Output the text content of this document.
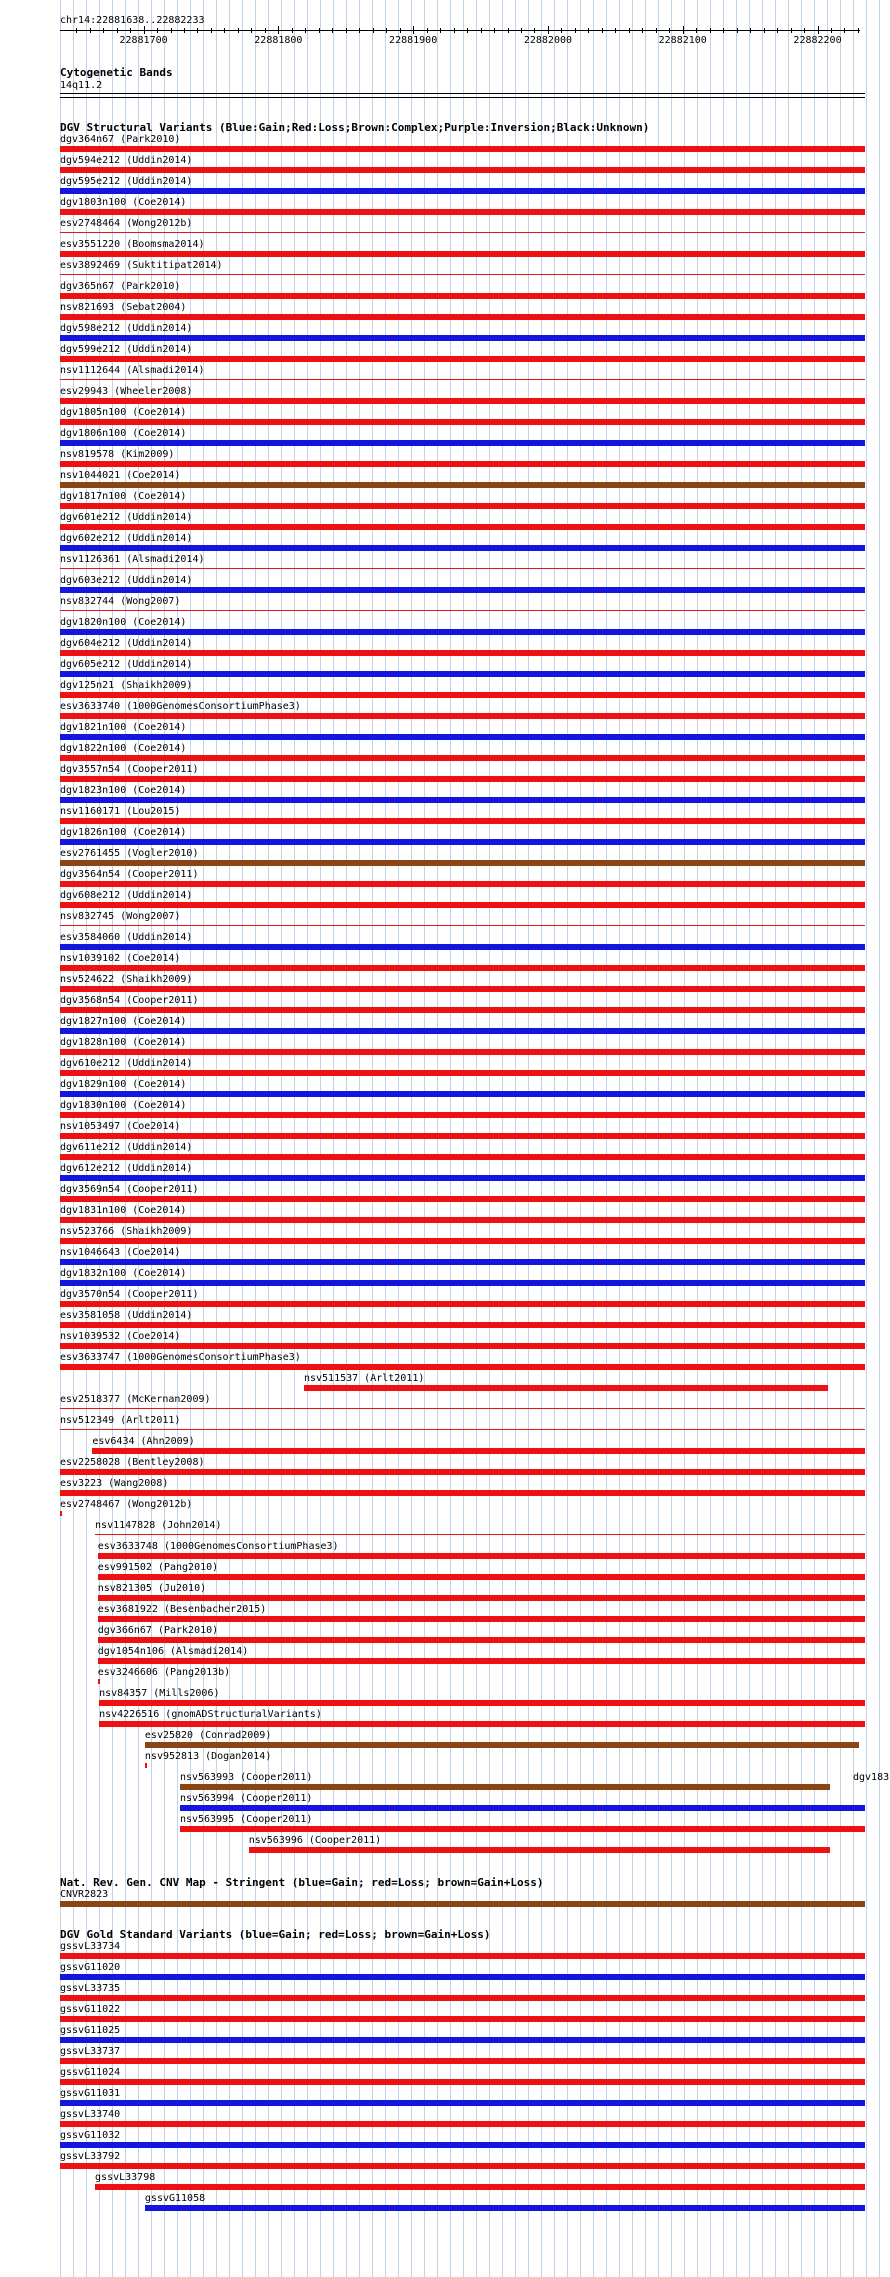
chr14:22881638..22882233
22881700	22881800	22881900	22882000	22882100	22882200
Cytogenetic Bands
14q11.2
DGV Structural Variants (Blue:Gain;Red:Loss;Brown:Complex;Purple:Inversion;Black:Unknown)
dgv364n67 (Park2010)
dgv594e212 (Uddin2014)
dgv595e212 (Uddin2014)
dgv1803n100 (Coe2014)
esv2748464 (Wong2012b)
esv3551220 (Boomsma2014)
esv3892469 (Suktitipat2014)
dgv365n67 (Park2010)
nsv821693 (Sebat2004)
dgv598e212 (Uddin2014)
dgv599e212 (Uddin2014)
nsv1112644 (Alsmadi2014)
esv29943 (Wheeler2008)
dgv1805n100 (Coe2014)
dgv1806n100 (Coe2014)
nsv819578 (Kim2009)
nsv1044021 (Coe2014)
dgv1817n100 (Coe2014)
dgv601e212 (Uddin2014)
dgv602e212 (Uddin2014)
nsv1126361 (Alsmadi2014)
dgv603e212 (Uddin2014)
nsv832744 (Wong2007)
dgv1820n100 (Coe2014)
dgv604e212 (Uddin2014)
dgv605e212 (Uddin2014)
dgv125n21 (Shaikh2009)
esv3633740 (1000GenomesConsortiumPhase3)
dgv1821n100 (Coe2014)
dgv1822n100 (Coe2014)
dgv3557n54 (Cooper2011)
dgv1823n100 (Coe2014)
nsv1160171 (Lou2015)
dgv1826n100 (Coe2014)
esv2761455 (Vogler2010)
dgv3564n54 (Cooper2011)
dgv608e212 (Uddin2014)
nsv832745 (Wong2007)
esv3584060 (Uddin2014)
nsv1039102 (Coe2014)
nsv524622 (Shaikh2009)
dgv3568n54 (Cooper2011)
dgv1827n100 (Coe2014)
dgv1828n100 (Coe2014)
dgv610e212 (Uddin2014)
dgv1829n100 (Coe2014)
dgv1830n100 (Coe2014)
nsv1053497 (Coe2014)
dgv611e212 (Uddin2014)
dgv612e212 (Uddin2014)
dgv3569n54 (Cooper2011)
dgv1831n100 (Coe2014)
nsv523766 (Shaikh2009)
nsv1046643 (Coe2014)
dgv1832n100 (Coe2014)
dgv3570n54 (Cooper2011)
esv3581058 (Uddin2014)
nsv1039532 (Coe2014)
esv3633747 (1000GenomesConsortiumPhase3)
nsv511537 (Arlt2011)
esv2518377 (McKernan2009)
nsv512349 (Arlt2011)
esv6434 (Ahn2009)
esv2258028 (Bentley2008)
esv3223 (Wang2008)
esv2748467 (Wong2012b)
nsv1147828 (John2014)
esv3633748 (1000GenomesConsortiumPhase3)
esv991502 (Pang2010)
nsv821305 (Ju2010)
esv3681922 (Besenbacher2015)
dgv366n67 (Park2010)
dgv1054n106 (Alsmadi2014)
esv3246606 (Pang2013b)
nsv84357 (Mills2006)
nsv4226516 (gnomADStructuralVariants)
esv25820 (Conrad2009)
nsv952813 (Dogan2014)
nsv563993 (Cooper2011)
nsv563994 (Cooper2011)
nsv563995 (Cooper2011)
nsv563996 (Cooper2011)
dgv183
Nat. Rev. Gen. CNV Map - Stringent (blue=Gain; red=Loss; brown=Gain+Loss)
CNVR2823
DGV Gold Standard Variants (blue=Gain; red=Loss; brown=Gain+Loss)
gssvL33734
gssvG11020
gssvL33735
gssvG11022
gssvG11025
gssvL33737
gssvG11024
gssvG11031
gssvL33740
gssvG11032
gssvL33792
gssvL33798
gssvG11058
